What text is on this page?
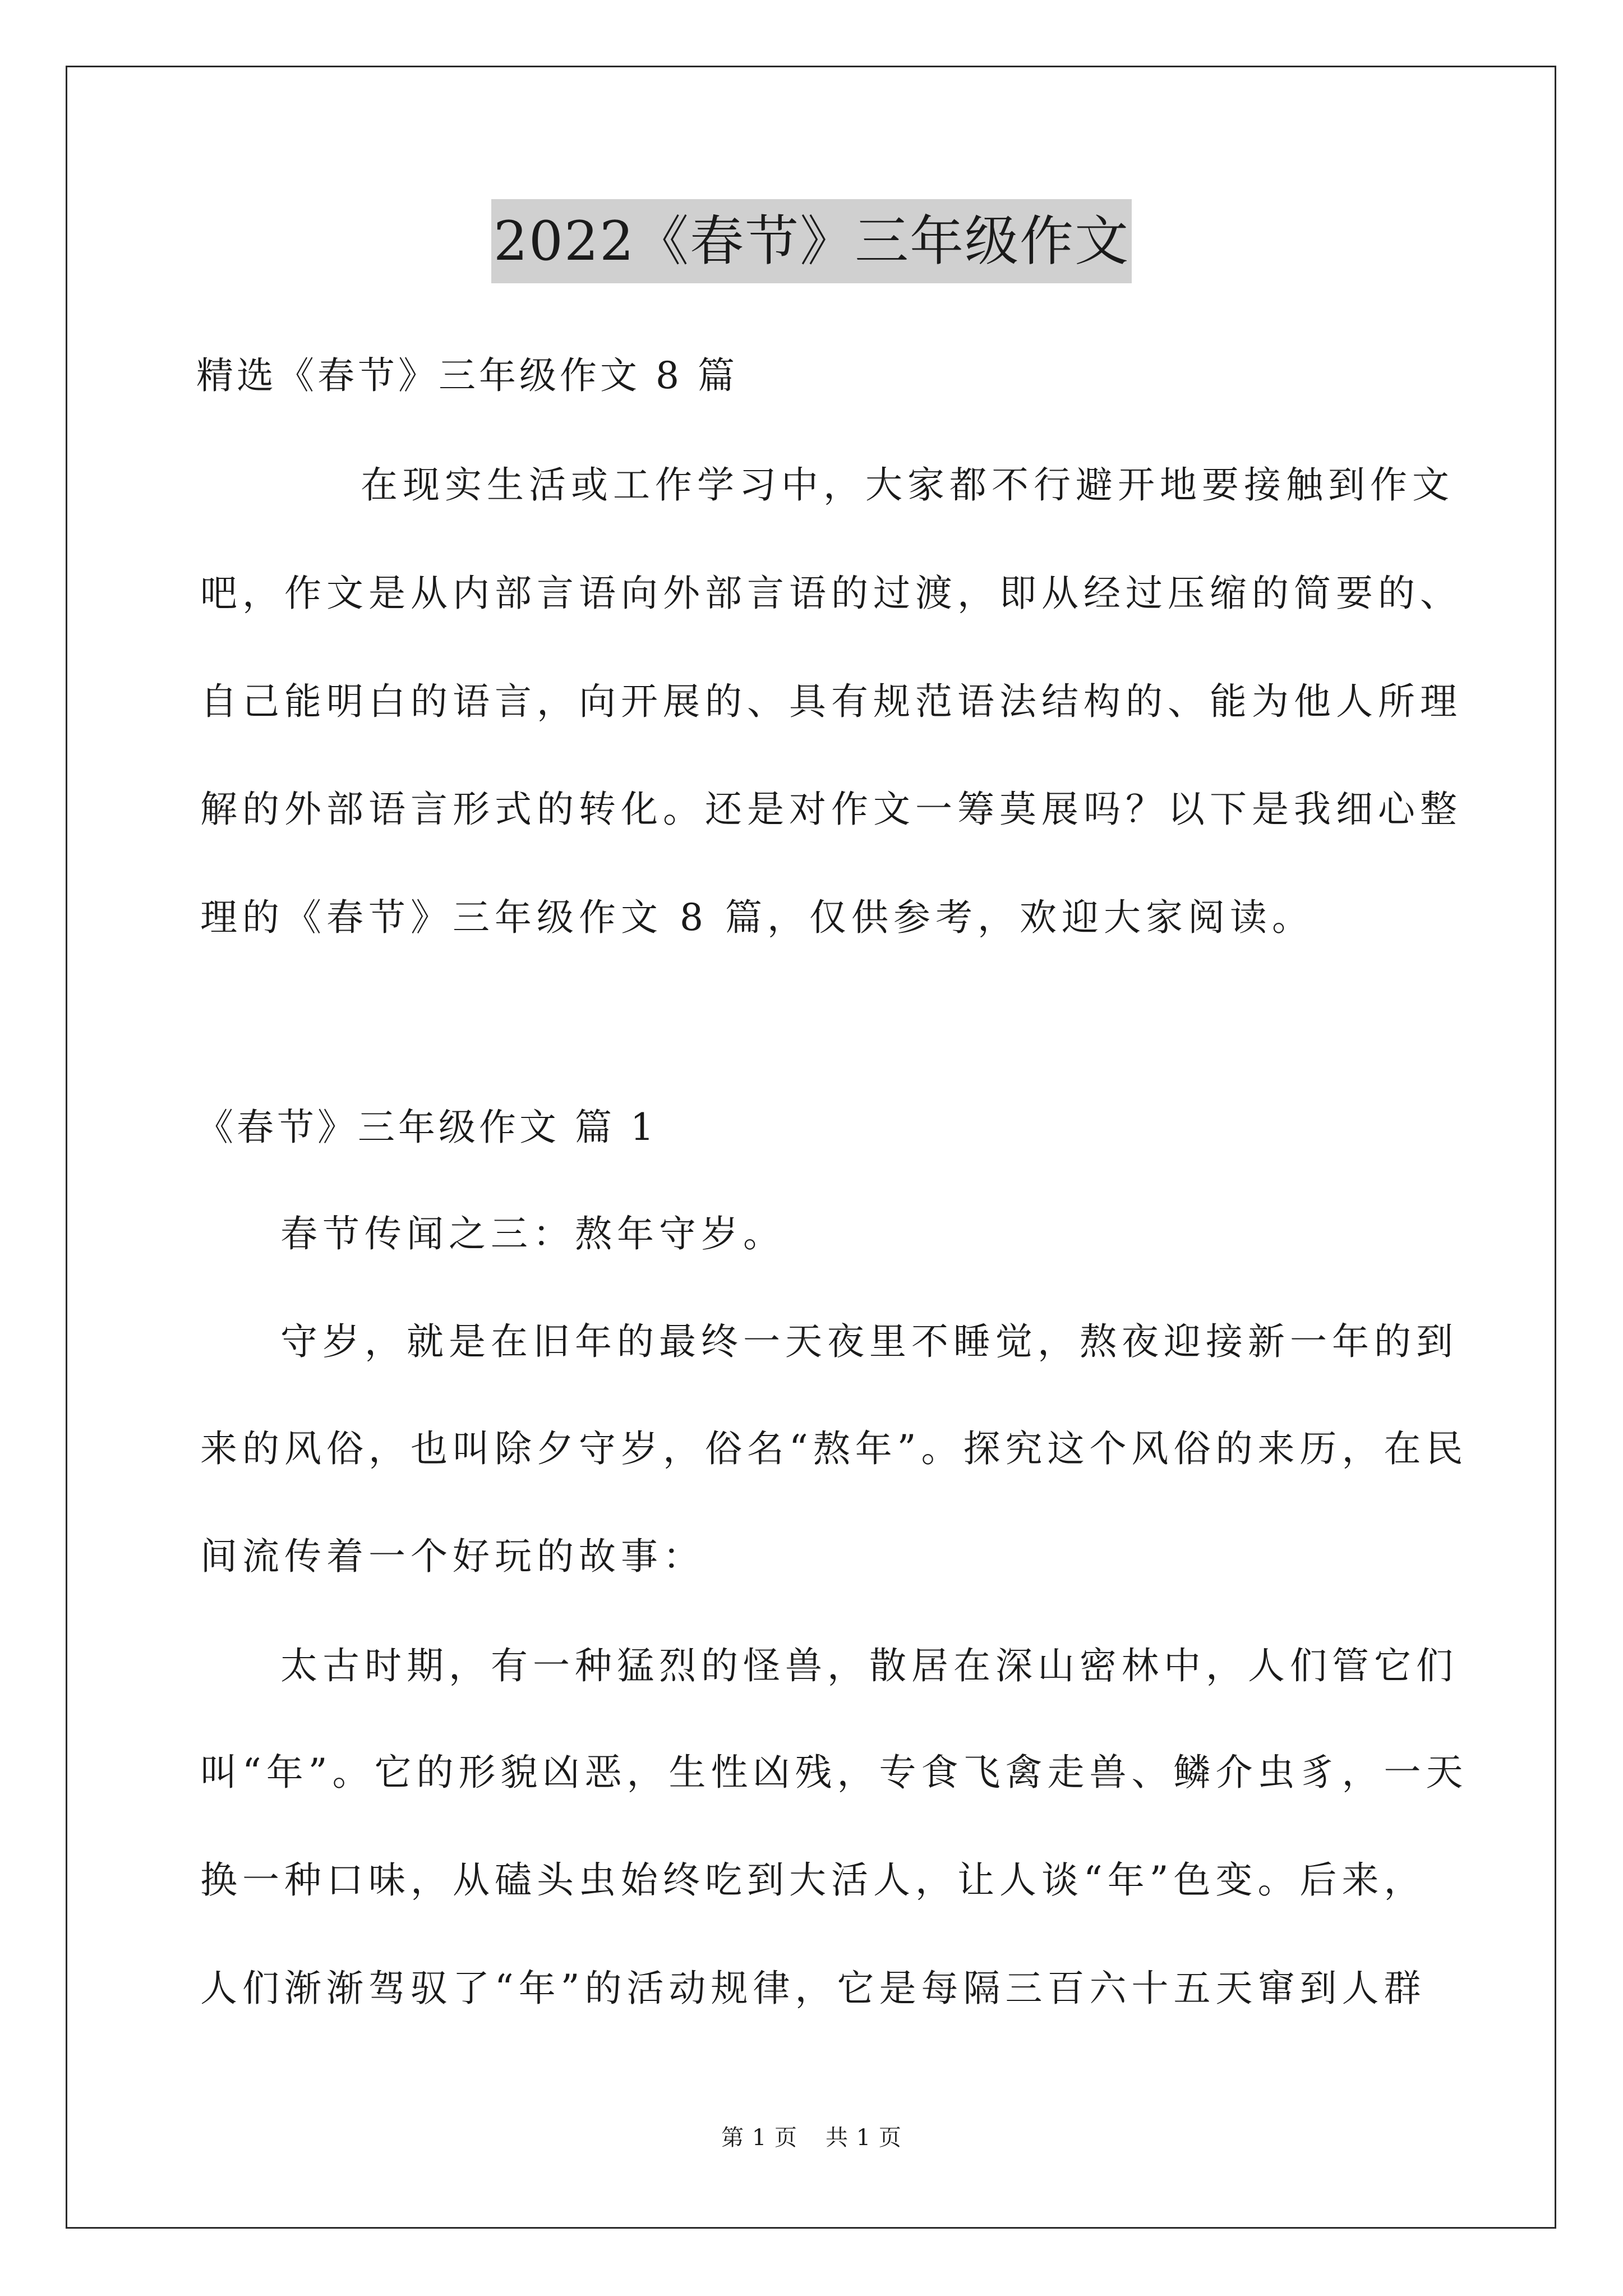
2022《春节》三年级作文
精选《春节》三年级作文 8 篇
在现实生活或工作学习中，大家都不行避开地要接触到作文
吧，作文是从内部言语向外部言语的过渡，即从经过压缩的简要的、
自己能明白的语言，向开展的、具有规范语法结构的、能为他人所理
解的外部语言形式的转化。还是对作文一筹莫展吗？以下是我细心整
理的《春节》三年级作文 8 篇，仅供参考，欢迎大家阅读。
《春节》三年级作文 篇 1
春节传闻之三：熬年守岁。
守岁，就是在旧年的最终一天夜里不睡觉，熬夜迎接新一年的到
来的风俗，也叫除夕守岁，俗名“熬年”。探究这个风俗的来历，在民
间流传着一个好玩的故事：
太古时期，有一种猛烈的怪兽，散居在深山密林中，人们管它们
叫“年”。它的形貌凶恶，生性凶残，专食飞禽走兽、鳞介虫豸，一天
换一种口味，从磕头虫始终吃到大活人，让人谈“年”色变。后来，
人们渐渐驾驭了“年”的活动规律，它是每隔三百六十五天窜到人群
第 1 页 共 1 页
